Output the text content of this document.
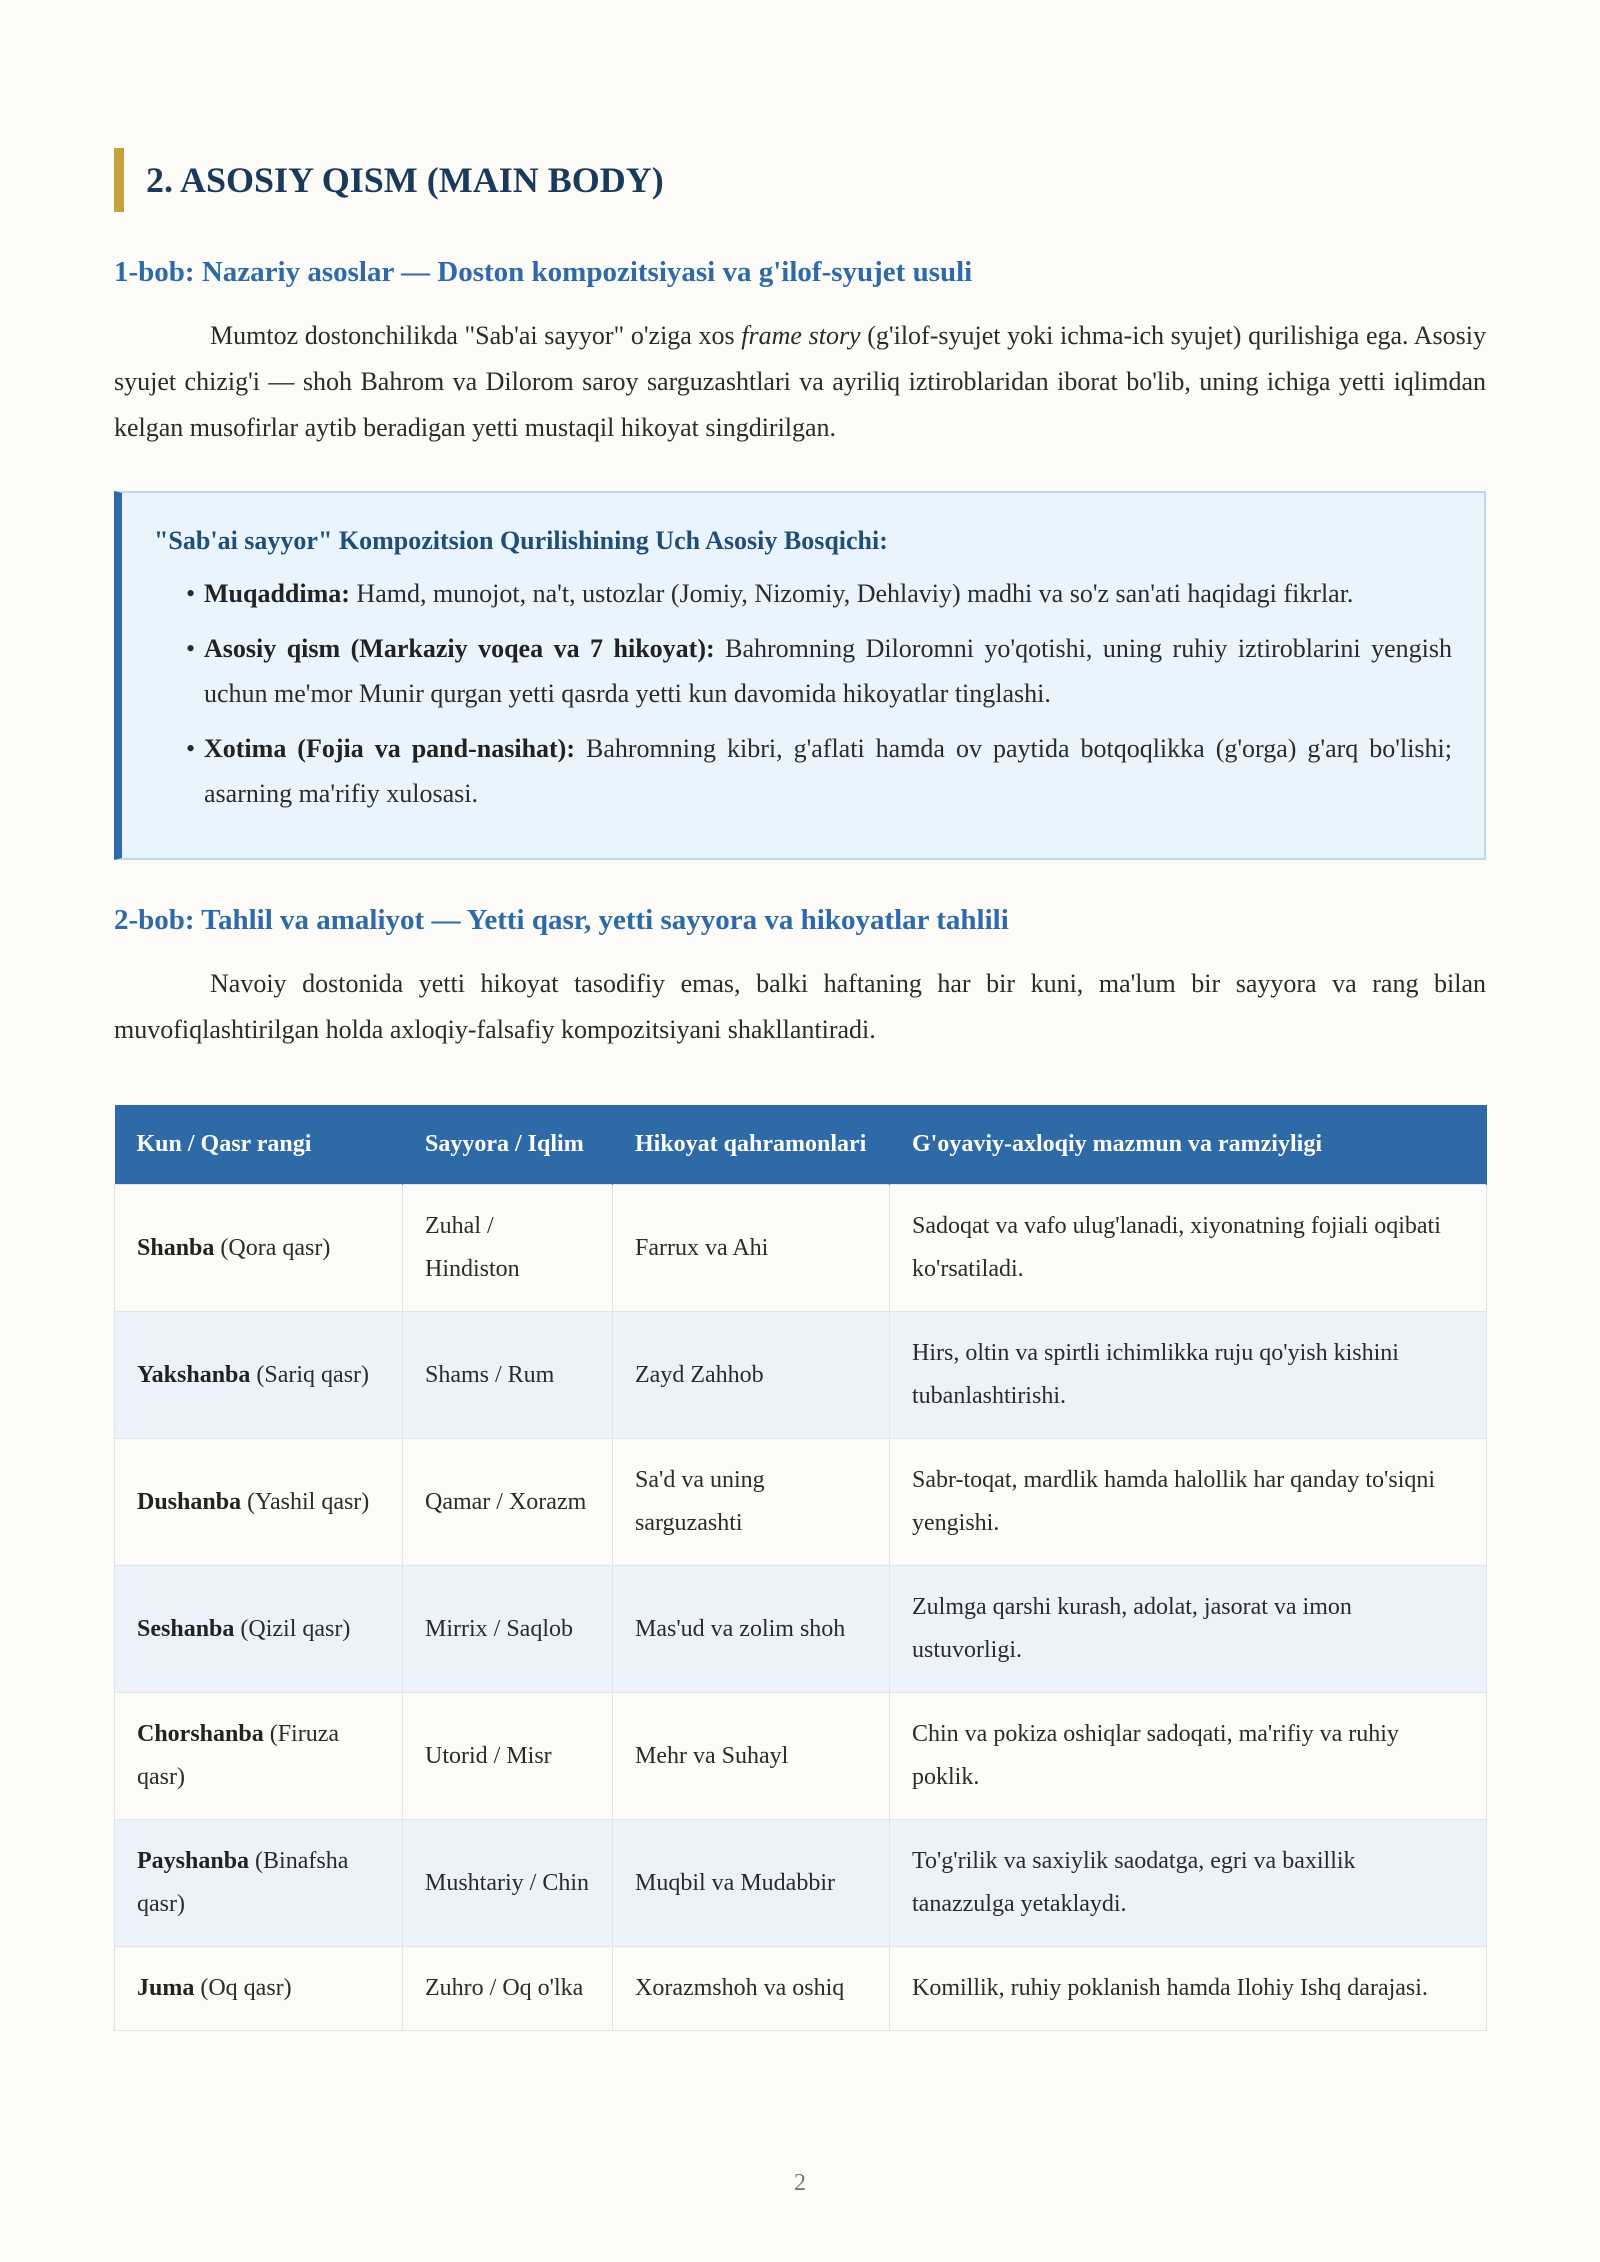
2. ASOSIY QISM (MAIN BODY)
1-bob: Nazariy asoslar — Doston kompozitsiyasi va g'ilof-syujet usuli

Mumtoz dostonchilikda "Sab'ai sayyor" o'ziga xos frame story (g'ilof-syujet yoki ichma-ich syujet) qurilishiga ega. Asosiy syujet chizig'i — shoh Bahrom va Dilorom saroy sarguzashtlari va ayriliq iztiroblaridan iborat bo'lib, uning ichiga yetti iqlimdan kelgan musofirlar aytib beradigan yetti mustaqil hikoyat singdirilgan.

"Sab'ai sayyor" Kompozitsion Qurilishining Uch Asosiy Bosqichi:
• Muqaddima: Hamd, munojot, na't, ustozlar (Jomiy, Nizomiy, Dehlaviy) madhi va so'z san'ati haqidagi fikrlar.
• Asosiy qism (Markaziy voqea va 7 hikoyat): Bahromning Diloromni yo'qotishi, uning ruhiy iztiroblarini yengish uchun me'mor Munir qurgan yetti qasrda yetti kun davomida hikoyatlar tinglashi.
• Xotima (Fojia va pand-nasihat): Bahromning kibri, g'aflati hamda ov paytida botqoqlikka (g'orga) g'arq bo'lishi; asarning ma'rifiy xulosasi.
2-bob: Tahlil va amaliyot — Yetti qasr, yetti sayyora va hikoyatlar tahlili

Navoiy dostonida yetti hikoyat tasodifiy emas, balki haftaning har bir kuni, ma'lum bir sayyora va rang bilan muvofiqlashtirilgan holda axloqiy-falsafiy kompozitsiyani shakllantiradi.

Kun / Qasr rangi	Sayyora / Iqlim	Hikoyat qahramonlari	G'oyaviy-axloqiy mazmun va ramziyligi
Shanba (Qora qasr)	Zuhal / Hindiston	Farrux va Ahi	Sadoqat va vafo ulug'lanadi, xiyonatning fojiali oqibati ko'rsatiladi.
Yakshanba (Sariq qasr)	Shams / Rum	Zayd Zahhob	Hirs, oltin va spirtli ichimlikka ruju qo'yish kishini tubanlashtirishi.
Dushanba (Yashil qasr)	Qamar / Xorazm	Sa'd va uning sarguzashti	Sabr-toqat, mardlik hamda halollik har qanday to'siqni yengishi.
Seshanba (Qizil qasr)	Mirrix / Saqlob	Mas'ud va zolim shoh	Zulmga qarshi kurash, adolat, jasorat va imon ustuvorligi.
Chorshanba (Firuza qasr)	Utorid / Misr	Mehr va Suhayl	Chin va pokiza oshiqlar sadoqati, ma'rifiy va ruhiy poklik.
Payshanba (Binafsha qasr)	Mushtariy / Chin	Muqbil va Mudabbir	To'g'rilik va saxiylik saodatga, egri va baxillik tanazzulga yetaklaydi.
Juma (Oq qasr)	Zuhro / Oq o'lka	Xorazmshoh va oshiq	Komillik, ruhiy poklanish hamda Ilohiy Ishq darajasi.
2
